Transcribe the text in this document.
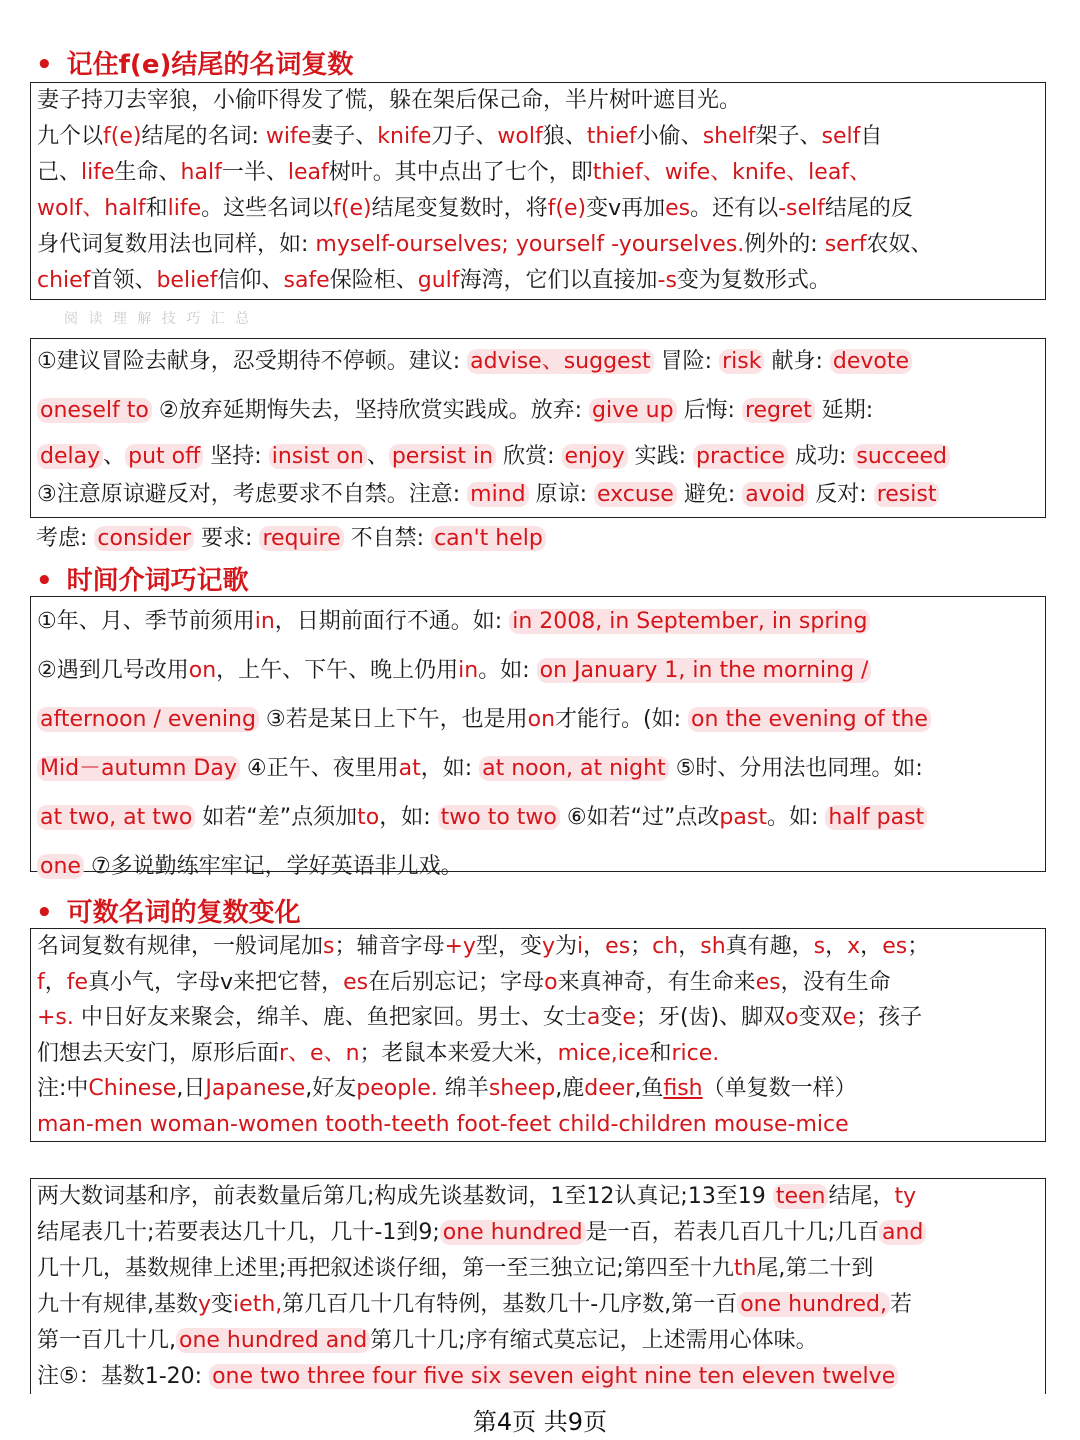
• 记住f(e)结尾的名词复数
妻子持刀去宰狼，小偷吓得发了慌，躲在架后保己命，半片树叶遮目光。
九个以f(e)结尾的名词: wife妻子、knife刀子、wolf狼、thief小偷、shelf架子、self自
己、life生命、half一半、leaf树叶。其中点出了七个，即thief、wife、knife、leaf、
wolf、half和life。这些名词以f(e)结尾变复数时，将f(e)变v再加es。还有以-self结尾的反
身代词复数用法也同样，如: myself-ourselves; yourself -yourselves.例外的: serf农奴、
chief首领、belief信仰、safe保险柜、gulf海湾，它们以直接加-s变为复数形式。
阅 读 理 解 技 巧 汇 总
①建议冒险去献身，忍受期待不停顿。建议: advise、suggest 冒险: risk 献身: devote
oneself to ②放弃延期悔失去，坚持欣赏实践成。放弃: give up 后悔: regret 延期:
delay 、 put off 坚持: insist on 、 persist in 欣赏: enjoy 实践: practice 成功: succeed
③注意原谅避反对，考虑要求不自禁。注意: mind 原谅: excuse 避免: avoid 反对: resist
考虑: consider 要求: require 不自禁: can't help
• 时间介词巧记歌
①年、月、季节前须用in，日期前面行不通。如: in 2008, in September, in spring
②遇到几号改用on，上午、下午、晚上仍用in。如: on January 1, in the morning /
afternoon / evening ③若是某日上下午，也是用on才能行。(如: on the evening of the
Mid－autumn Day ④正午、夜里用at，如: at noon, at night ⑤时、分用法也同理。如:
at two, at two 如若“差”点须加to，如: two to two ⑥如若“过”点改past。如: half past
one ⑦多说勤练牢牢记，学好英语非儿戏。
• 可数名词的复数变化
名词复数有规律，一般词尾加s；辅音字母+y型，变y为i，es；ch，sh真有趣，s，x，es；
f，fe真小气，字母v来把它替，es在后别忘记；字母o来真神奇，有生命来es，没有生命
+s. 中日好友来聚会，绵羊、鹿、鱼把家回。男士、女士a变e；牙(齿)、脚双o变双e；孩子
们想去天安门，原形后面r、e、n；老鼠本来爱大米，mice,ice和rice.
注:中Chinese,日Japanese,好友people. 绵羊sheep,鹿deer,鱼fish（单复数一样）
man-men woman-women tooth-teeth foot-feet child-children mouse-mice
两大数词基和序，前表数量后第几;构成先谈基数词，1至12认真记;13至19 teen 结尾，ty
结尾表几十;若要表达几十几，几十-1到9; one hundred 是一百，若表几百几十几;几百 and
几十几，基数规律上述里;再把叙述谈仔细，第一至三独立记;第四至十九th尾,第二十到
九十有规律,基数y变ieth,第几百几十几有特例，基数几十-几序数,第一百 one hundred, 若
第一百几十几, one hundred and 第几十几;序有缩式莫忘记，上述需用心体味。
注⑤：基数1-20: one two three four five six seven eight nine ten eleven twelve
第4页 共9页
